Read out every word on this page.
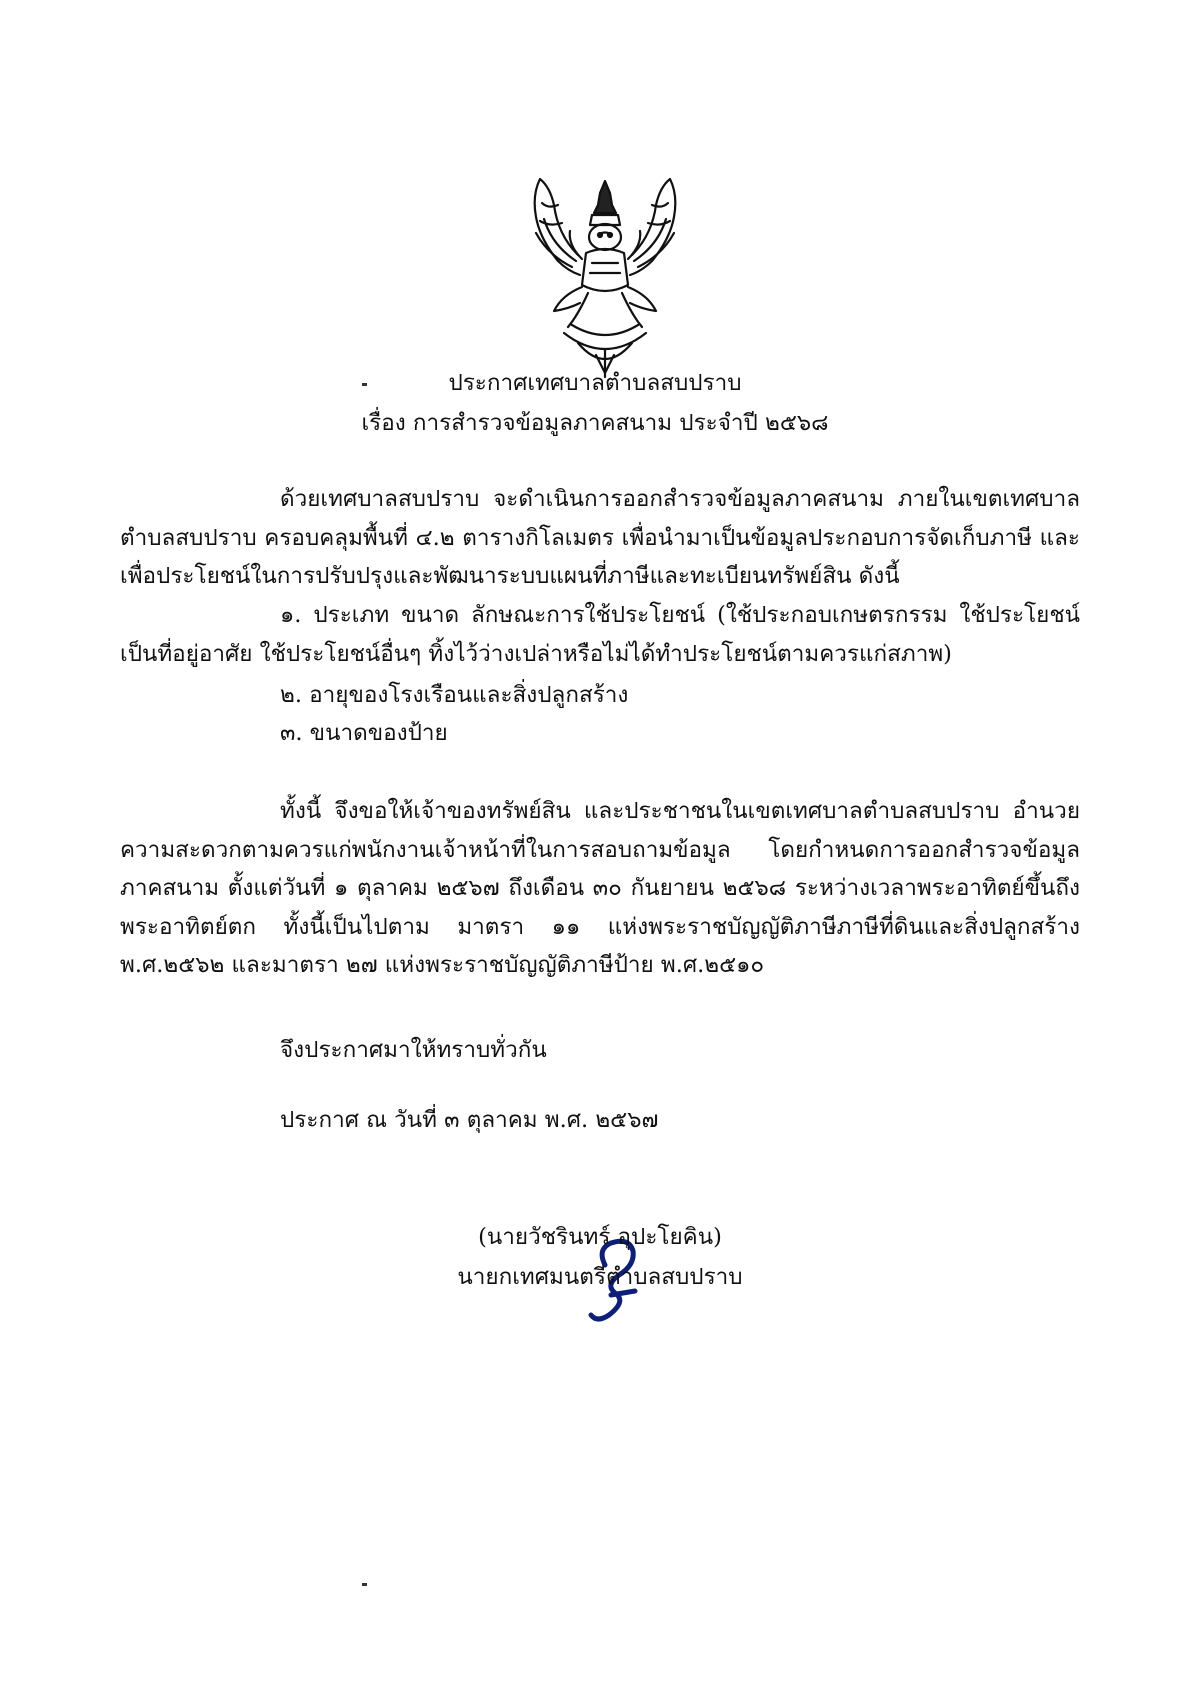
ประกาศเทศบาลตำบลสบปราบ
เรื่อง การสำรวจข้อมูลภาคสนาม ประจำปี ๒๕๖๘
ด้วยเทศบาลสบปราบ จะดำเนินการออกสำรวจข้อมูลภาคสนาม ภายในเขตเทศบาลตำบลสบปราบ ครอบคลุมพื้นที่ ๔.๒ ตารางกิโลเมตร เพื่อนำมาเป็นข้อมูลประกอบการจัดเก็บภาษี และเพื่อประโยชน์ในการปรับปรุงและพัฒนาระบบแผนที่ภาษีและทะเบียนทรัพย์สิน ดังนี้
๑. ประเภท ขนาด ลักษณะการใช้ประโยชน์ (ใช้ประกอบเกษตรกรรม ใช้ประโยชน์เป็นที่อยู่อาศัย ใช้ประโยชน์อื่นๆ ทิ้งไว้ว่างเปล่าหรือไม่ได้ทำประโยชน์ตามควรแก่สภาพ)
๒. อายุของโรงเรือนและสิ่งปลูกสร้าง
๓. ขนาดของป้าย
ทั้งนี้ จึงขอให้เจ้าของทรัพย์สิน และประชาชนในเขตเทศบาลตำบลสบปราบ อำนวยความสะดวกตามควรแก่พนักงานเจ้าหน้าที่ในการสอบถามข้อมูล โดยกำหนดการออกสำรวจข้อมูลภาคสนาม ตั้งแต่วันที่ ๑ ตุลาคม ๒๕๖๗ ถึงเดือน ๓๐ กันยายน ๒๕๖๘ ระหว่างเวลาพระอาทิตย์ขึ้นถึงพระอาทิตย์ตก ทั้งนี้เป็นไปตาม มาตรา ๑๑ แห่งพระราชบัญญัติภาษีภาษีที่ดินและสิ่งปลูกสร้าง พ.ศ.๒๕๖๒ และมาตรา ๒๗ แห่งพระราชบัญญัติภาษีป้าย พ.ศ.๒๕๑๐
จึงประกาศมาให้ทราบทั่วกัน
ประกาศ ณ วันที่ ๓ ตุลาคม พ.ศ. ๒๕๖๗
(นายวัชรินทร์ อุปะโยคิน)
นายกเทศมนตรีตำบลสบปราบ
